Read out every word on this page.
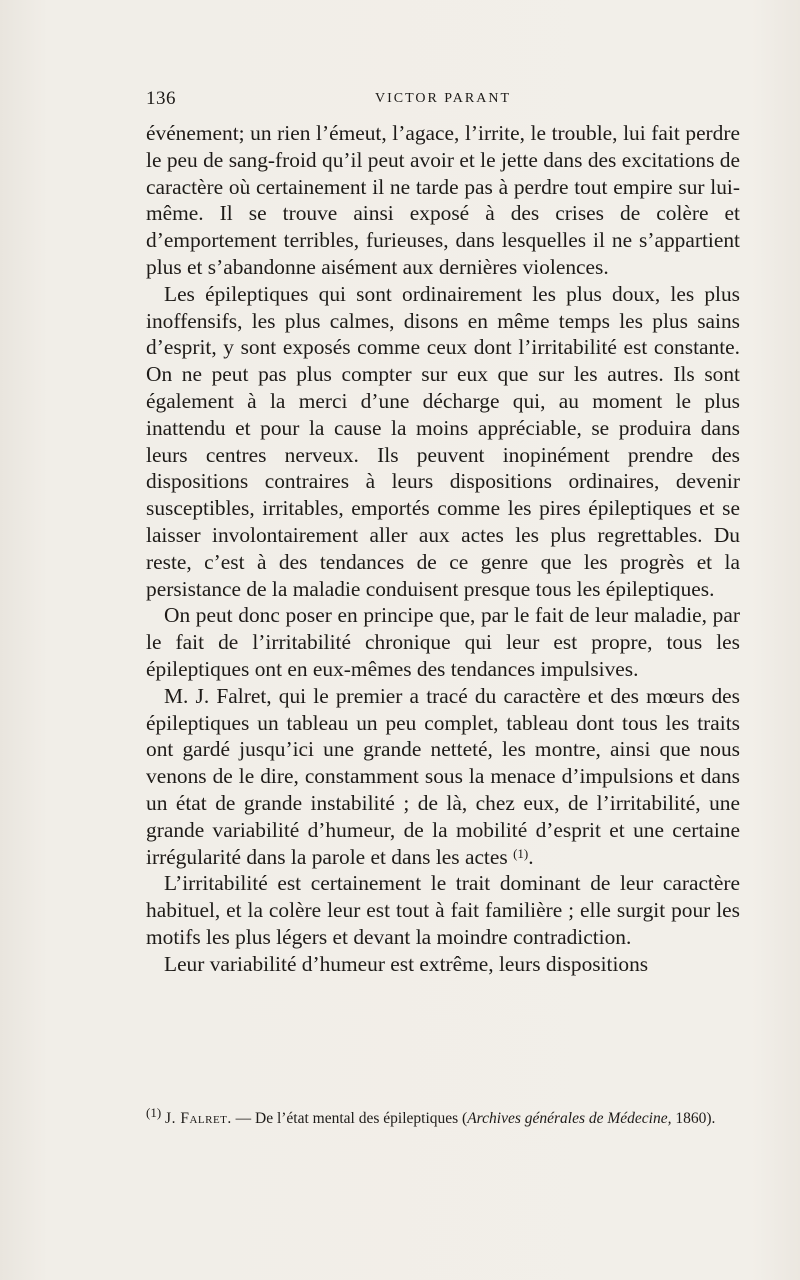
136	VICTOR PARANT

événement; un rien l’émeut, l’agace, l’irrite, le trouble, lui fait perdre le peu de sang-froid qu’il peut avoir et le jette dans des excitations de caractère où certainement il ne tarde pas à perdre tout empire sur lui-même. Il se trouve ainsi exposé à des crises de colère et d’emportement terribles, furieuses, dans lesquelles il ne s’appartient plus et s’abandonne aisément aux dernières violences.

Les épileptiques qui sont ordinairement les plus doux, les plus inoffensifs, les plus calmes, disons en même temps les plus sains d’esprit, y sont exposés comme ceux dont l’irritabilité est constante. On ne peut pas plus compter sur eux que sur les autres. Ils sont également à la merci d’une décharge qui, au moment le plus inattendu et pour la cause la moins appréciable, se produira dans leurs centres nerveux. Ils peuvent inopinément prendre des dispositions contraires à leurs dispositions ordinaires, devenir susceptibles, irritables, emportés comme les pires épileptiques et se laisser involontairement aller aux actes les plus regrettables. Du reste, c’est à des tendances de ce genre que les progrès et la persistance de la maladie conduisent presque tous les épileptiques.

On peut donc poser en principe que, par le fait de leur maladie, par le fait de l’irritabilité chronique qui leur est propre, tous les épileptiques ont en eux-mêmes des tendances impulsives.

M. J. Falret, qui le premier a tracé du caractère et des mœurs des épileptiques un tableau un peu complet, tableau dont tous les traits ont gardé jusqu’ici une grande netteté, les montre, ainsi que nous venons de le dire, constamment sous la menace d’impulsions et dans un état de grande instabilité ; de là, chez eux, de l’irritabilité, une grande variabilité d’humeur, de la mobilité d’esprit et une certaine irrégularité dans la parole et dans les actes $^{(1)}$.

L’irritabilité est certainement le trait dominant de leur caractère habituel, et la colère leur est tout à fait familière ; elle surgit pour les motifs les plus légers et devant la moindre contradiction.

Leur variabilité d’humeur est extrême, leurs dispositions

$^{(1)}$ J. Falret. — De l’état mental des épileptiques (Archives générales de Médecine, 1860).
